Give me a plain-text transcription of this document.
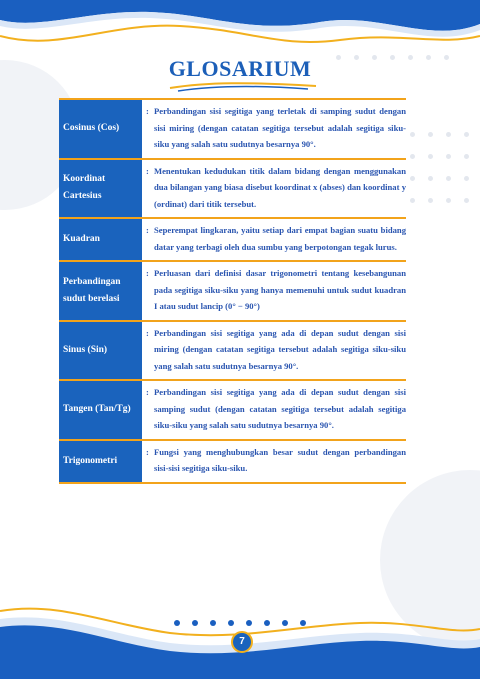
GLOSARIUM
Cosinus (Cos)
: Perbandingan sisi segitiga yang terletak di samping sudut dengan sisi miring (dengan catatan segitiga tersebut adalah segitiga siku-siku yang salah satu sudutnya besarnya 90°.
Koordinat Cartesius
: Menentukan kedudukan titik dalam bidang dengan menggunakan dua bilangan yang biasa disebut koordinat x (abses) dan koordinat y (ordinat) dari titik tersebut.
Kuadran
: Seperempat lingkaran, yaitu setiap dari empat bagian suatu bidang datar yang terbagi oleh dua sumbu yang berpotongan tegak lurus.
Perbandingan sudut berelasi
: Perluasan dari definisi dasar trigonometri tentang kesebangunan pada segitiga siku-siku yang hanya memenuhi untuk sudut kuadran I atau sudut lancip (0° − 90°)
Sinus (Sin)
: Perbandingan sisi segitiga yang ada di depan sudut dengan sisi miring (dengan catatan segitiga tersebut adalah segitiga siku-siku yang salah satu sudutnya besarnya 90°.
Tangen (Tan/Tg)
: Perbandingan sisi segitiga yang ada di depan sudut dengan sisi samping sudut (dengan catatan segitiga tersebut adalah segitiga siku-siku yang salah satu sudutnya besarnya 90°.
Trigonometri
: Fungsi yang menghubungkan besar sudut dengan perbandingan sisi-sisi segitiga siku-siku.
7
